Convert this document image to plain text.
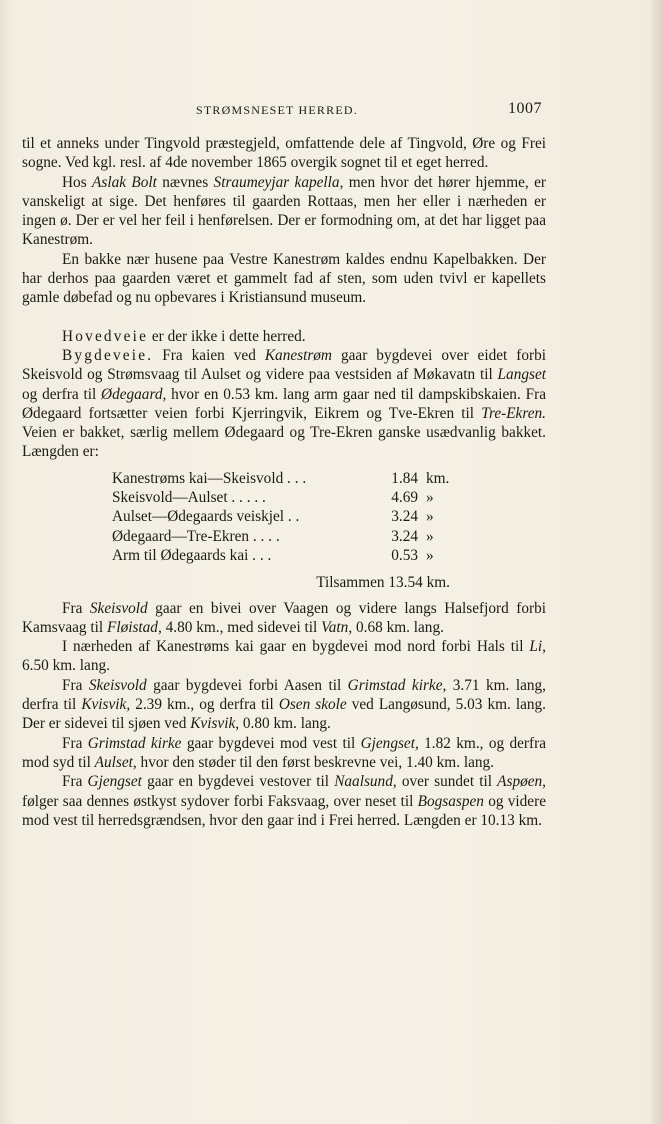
STRØMSNESET HERRED.	1007

til et anneks under Tingvold præstegjeld, omfattende dele af Tingvold, Øre og Frei sogne. Ved kgl. resl. af 4de november 1865 overgik sognet til et eget herred.

Hos Aslak Bolt nævnes Straumeyjar kapella, men hvor det hører hjemme, er vanskeligt at sige. Det henføres til gaarden Rottaas, men her eller i nærheden er ingen ø. Der er vel her feil i henførelsen. Der er formodning om, at det har ligget paa Kanestrøm.

En bakke nær husene paa Vestre Kanestrøm kaldes endnu Kapelbakken. Der har derhos paa gaarden været et gammelt fad af sten, som uden tvivl er kapellets gamle døbefad og nu opbevares i Kristiansund museum.

Hovedveie er der ikke i dette herred.

Bygdeveie. Fra kaien ved Kanestrøm gaar bygdevei over eidet forbi Skeisvold og Strømsvaag til Aulset og videre paa vestsiden af Møkavatn til Langset og derfra til Ødegaard, hvor en 0.53 km. lang arm gaar ned til dampskibskaien. Fra Ødegaard fortsætter veien forbi Kjerringvik, Eikrem og Tve-Ekren til Tre-Ekren. Veien er bakket, særlig mellem Ødegaard og Tre-Ekren ganske usædvanlig bakket. Længden er:

Kanestrøms kai—Skeisvold . . .	1.84	km.
Skeisvold—Aulset . . . . .	4.69	»
Aulset—Ødegaards veiskjel . .	3.24	»
Ødegaard—Tre-Ekren . . . .	3.24	»
Arm til Ødegaards kai . . .	0.53	»
Tilsammen 13.54 km.

Fra Skeisvold gaar en bivei over Vaagen og videre langs Halsefjord forbi Kamsvaag til Fløistad, 4.80 km., med sidevei til Vatn, 0.68 km. lang.

I nærheden af Kanestrøms kai gaar en bygdevei mod nord forbi Hals til Li, 6.50 km. lang.

Fra Skeisvold gaar bygdevei forbi Aasen til Grimstad kirke, 3.71 km. lang, derfra til Kvisvik, 2.39 km., og derfra til Osen skole ved Langøsund, 5.03 km. lang. Der er sidevei til sjøen ved Kvisvik, 0.80 km. lang.

Fra Grimstad kirke gaar bygdevei mod vest til Gjengset, 1.82 km., og derfra mod syd til Aulset, hvor den støder til den først beskrevne vei, 1.40 km. lang.

Fra Gjengset gaar en bygdevei vestover til Naalsund, over sundet til Aspøen, følger saa dennes østkyst sydover forbi Faksvaag, over neset til Bogsaspen og videre mod vest til herredsgrændsen, hvor den gaar ind i Frei herred. Længden er 10.13 km.
